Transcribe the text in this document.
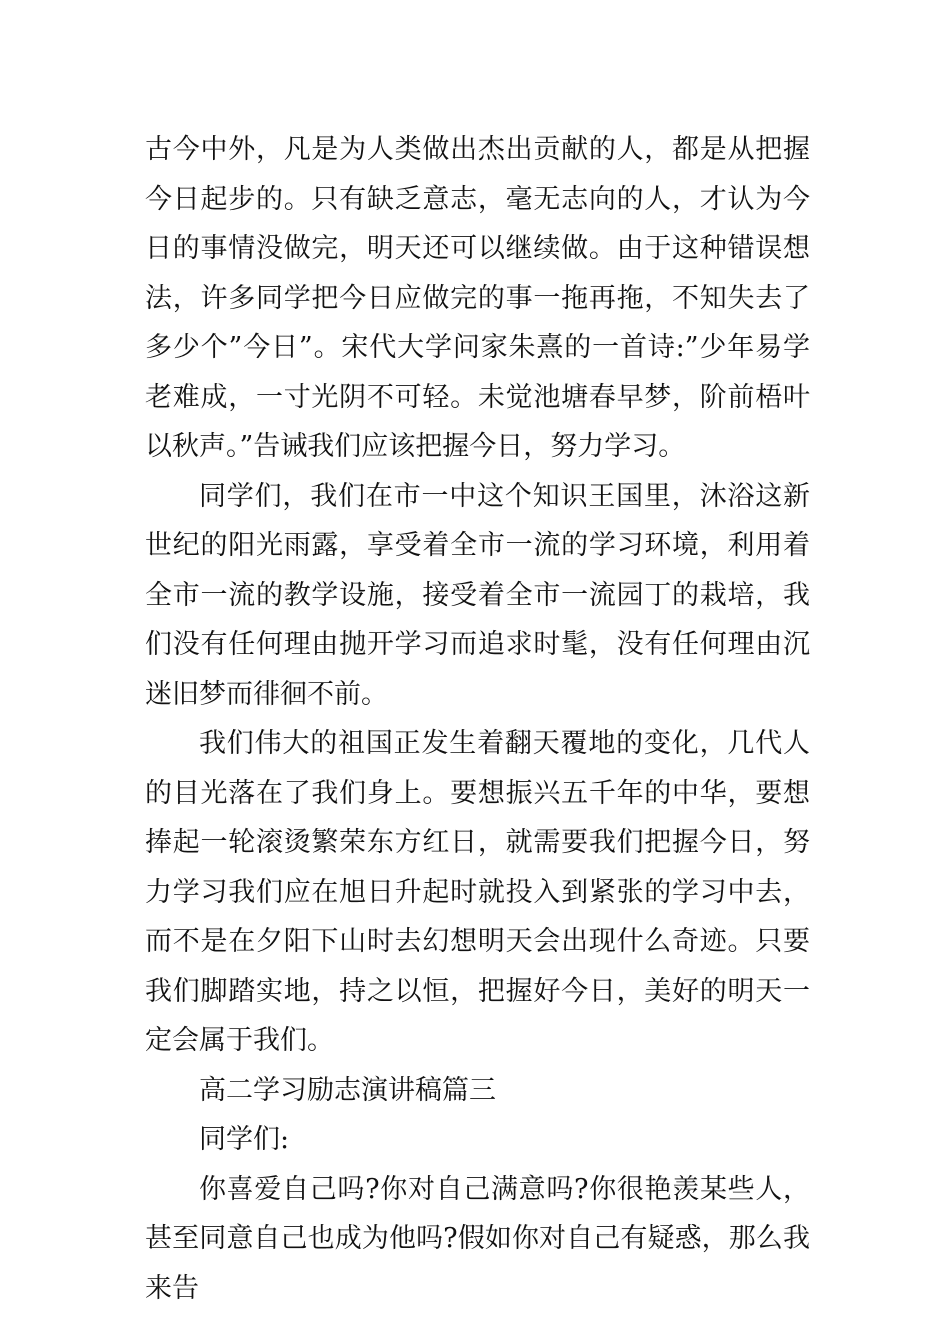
古今中外，凡是为人类做出杰出贡献的人，都是从把握今日起步的。只有缺乏意志，毫无志向的人，才认为今日的事情没做完，明天还可以继续做。由于这种错误想法，许多同学把今日应做完的事一拖再拖，不知失去了多少个”今日”。宋代大学问家朱熹的一首诗:”少年易学老难成，一寸光阴不可轻。未觉池塘春早梦，阶前梧叶以秋声。”告诫我们应该把握今日，努力学习。

同学们，我们在市一中这个知识王国里，沐浴这新世纪的阳光雨露，享受着全市一流的学习环境，利用着全市一流的教学设施，接受着全市一流园丁的栽培，我们没有任何理由抛开学习而追求时髦，没有任何理由沉迷旧梦而徘徊不前。

我们伟大的祖国正发生着翻天覆地的变化，几代人的目光落在了我们身上。要想振兴五千年的中华，要想捧起一轮滚烫繁荣东方红日，就需要我们把握今日，努力学习我们应在旭日升起时就投入到紧张的学习中去，而不是在夕阳下山时去幻想明天会出现什么奇迹。只要我们脚踏实地，持之以恒，把握好今日，美好的明天一定会属于我们。

高二学习励志演讲稿篇三

同学们:

你喜爱自己吗?你对自己满意吗?你很艳羡某些人，甚至同意自己也成为他吗?假如你对自己有疑惑，那么我来告
